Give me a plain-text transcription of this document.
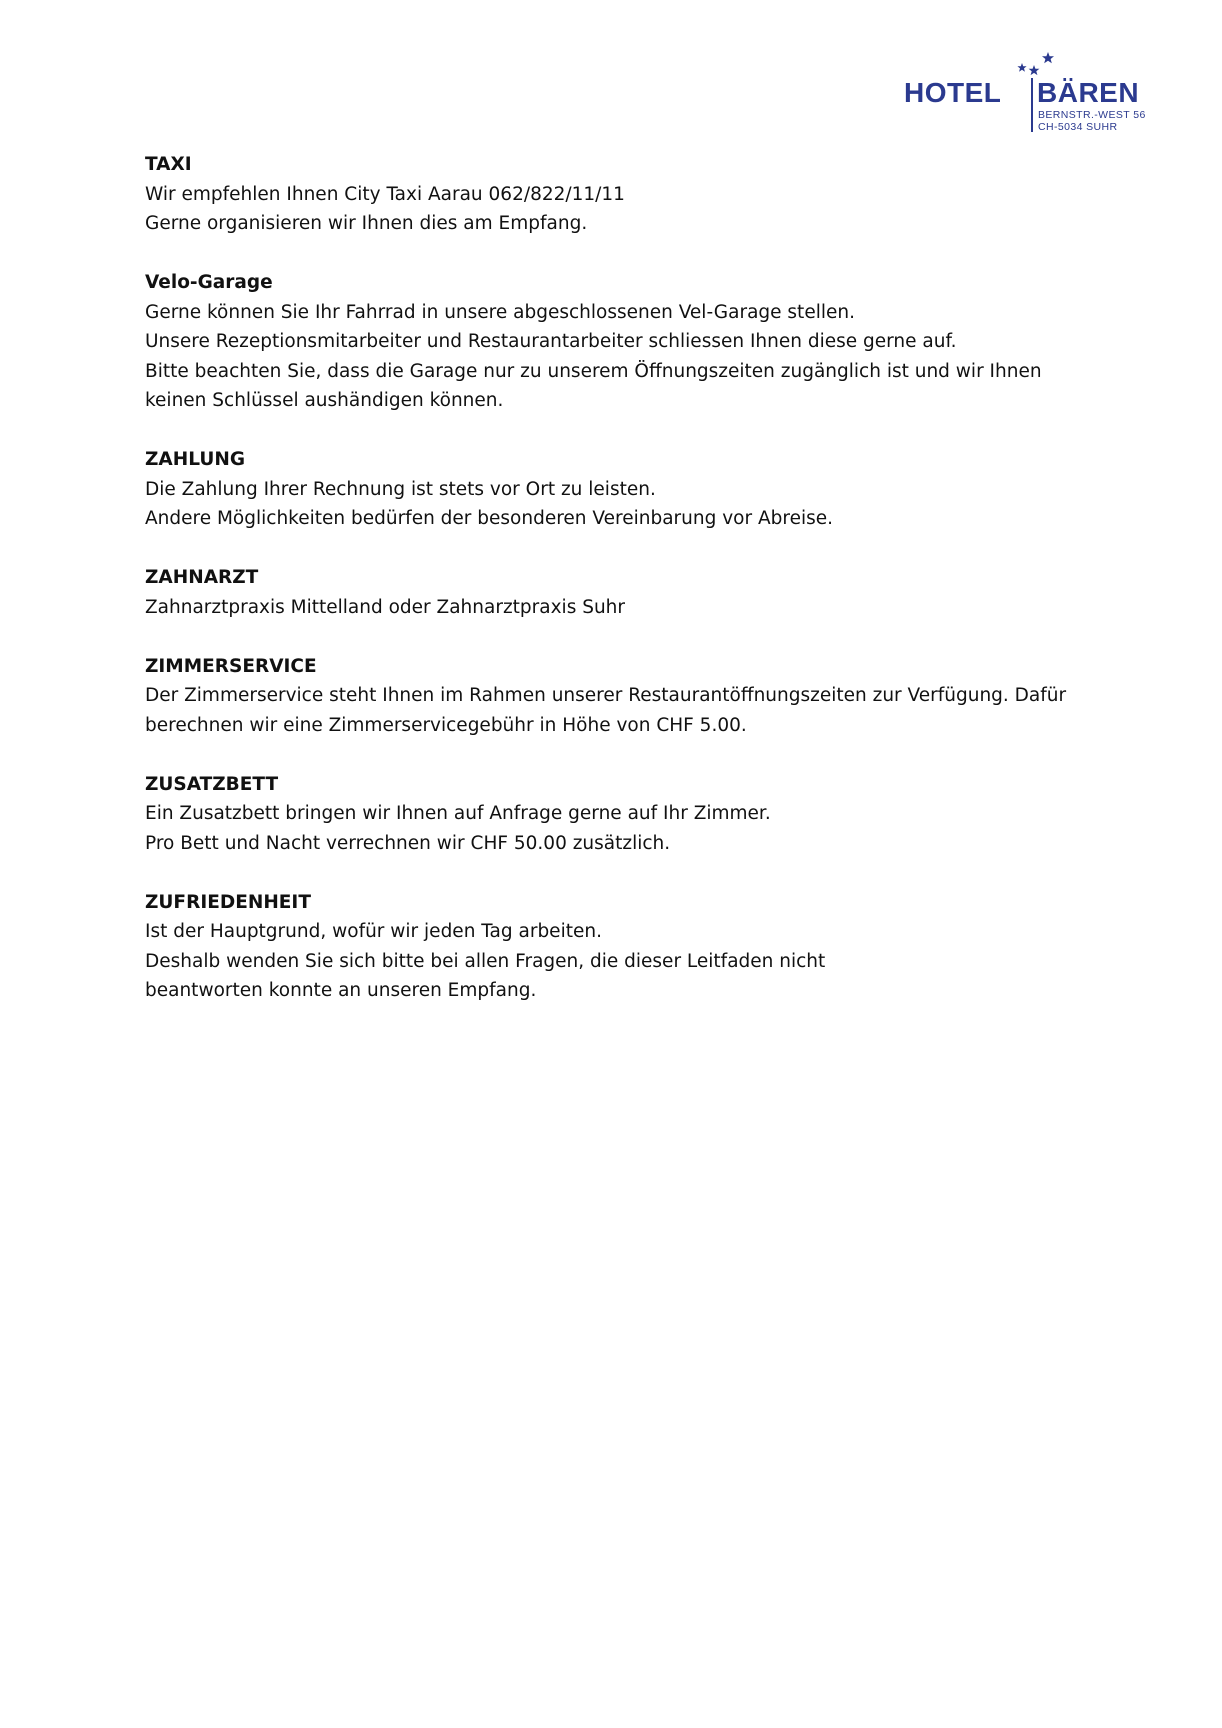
HOTEL BÄREN
BERNSTR.-WEST 56
CH-5034 SUHR
TAXI

Wir empfehlen Ihnen City Taxi Aarau 062/822/11/11
Gerne organisieren wir Ihnen dies am Empfang.

Velo-Garage

Gerne können Sie Ihr Fahrrad in unsere abgeschlossenen Vel-Garage stellen.
Unsere Rezeptionsmitarbeiter und Restaurantarbeiter schliessen Ihnen diese gerne auf.
Bitte beachten Sie, dass die Garage nur zu unserem Öffnungszeiten zugänglich ist und wir Ihnen
keinen Schlüssel aushändigen können.

ZAHLUNG

Die Zahlung Ihrer Rechnung ist stets vor Ort zu leisten.
Andere Möglichkeiten bedürfen der besonderen Vereinbarung vor Abreise.

ZAHNARZT

Zahnarztpraxis Mittelland oder Zahnarztpraxis Suhr

ZIMMERSERVICE

Der Zimmerservice steht Ihnen im Rahmen unserer Restaurantöffnungszeiten zur Verfügung. Dafür
berechnen wir eine Zimmerservicegebühr in Höhe von CHF 5.00.

ZUSATZBETT

Ein Zusatzbett bringen wir Ihnen auf Anfrage gerne auf Ihr Zimmer.
Pro Bett und Nacht verrechnen wir CHF 50.00 zusätzlich.

ZUFRIEDENHEIT

Ist der Hauptgrund, wofür wir jeden Tag arbeiten.
Deshalb wenden Sie sich bitte bei allen Fragen, die dieser Leitfaden nicht
beantworten konnte an unseren Empfang.
